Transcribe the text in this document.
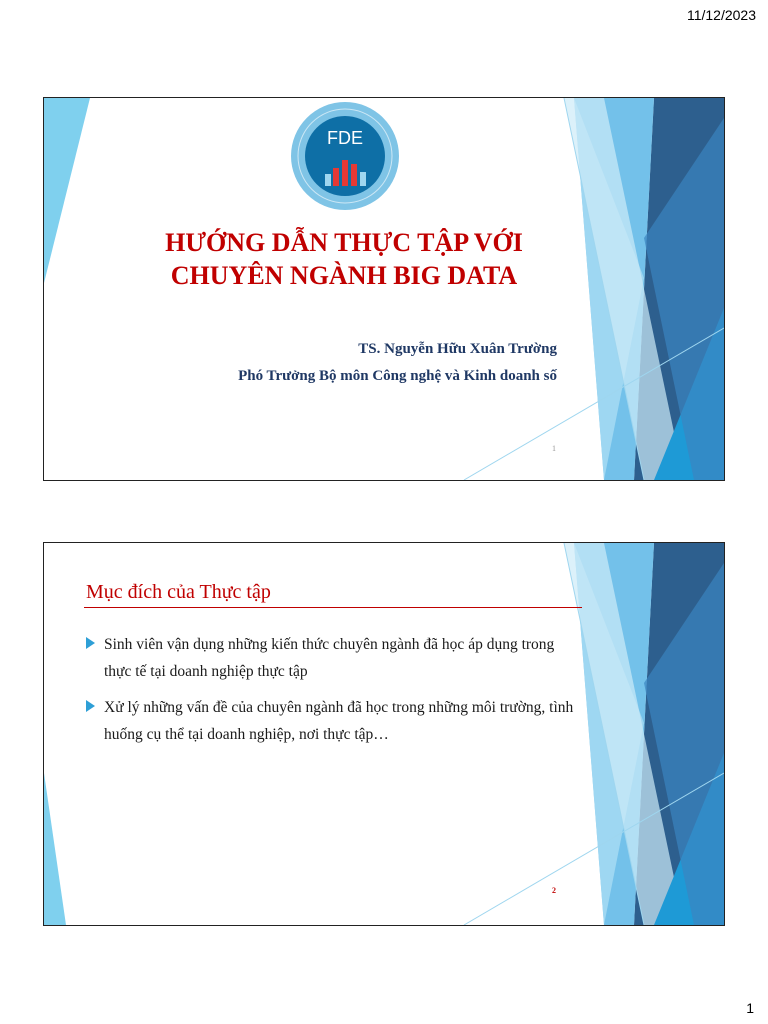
11/12/2023
FDE
HƯỚNG DẪN THỰC TẬP VỚI
CHUYÊN NGÀNH BIG DATA
TS. Nguyễn Hữu Xuân Trường
Phó Trưởng Bộ môn Công nghệ và Kinh doanh số
1
Mục đích của Thực tập
Sinh viên vận dụng những kiến thức chuyên ngành đã học áp dụng trong thực tế tại doanh nghiệp thực tập
Xử lý những vấn đề của chuyên ngành đã học trong những môi trường, tình huống cụ thể tại doanh nghiệp, nơi thực tập…
2
1
